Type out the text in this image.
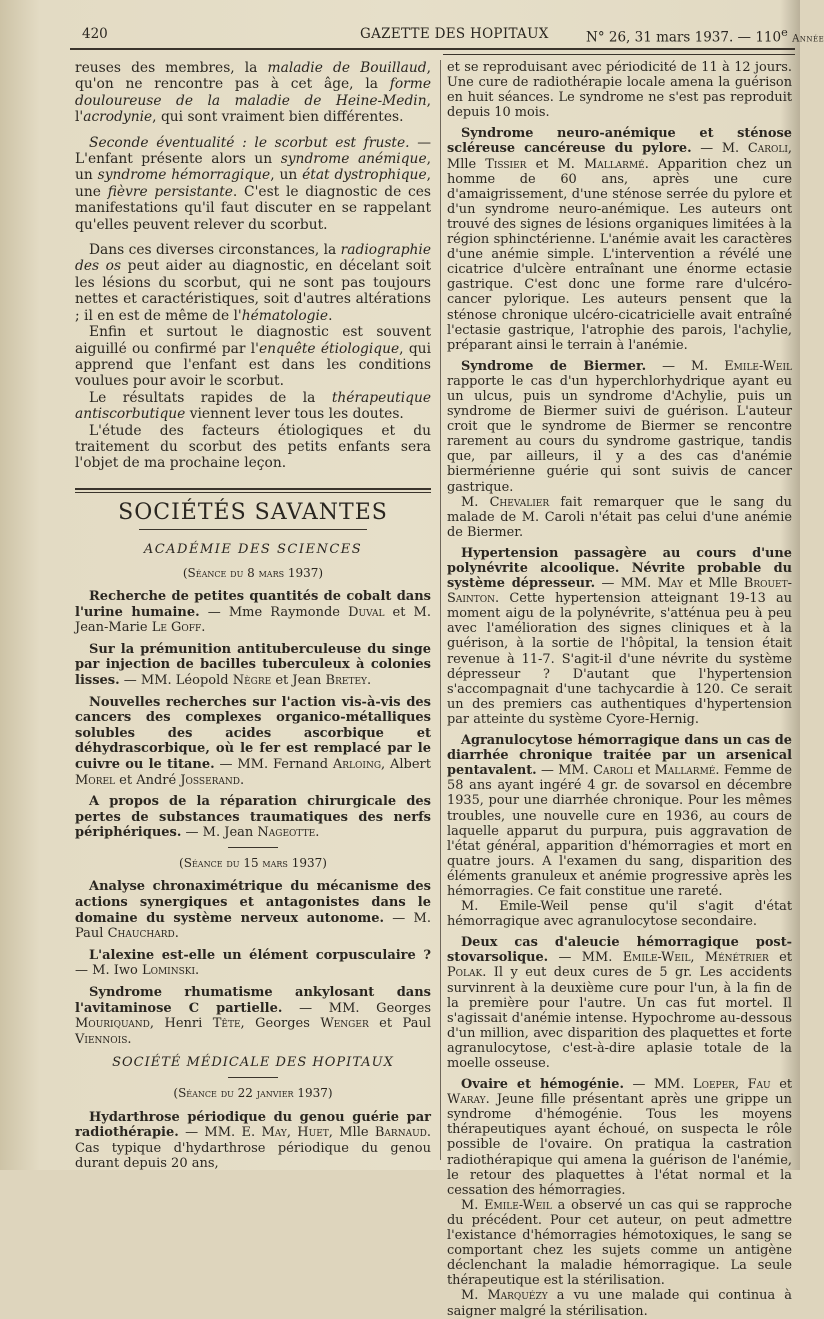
420	GAZETTE DES HOPITAUX	N° 26, 31 mars 1937. — 110e Année

reuses des membres, la maladie de Bouillaud, qu'on ne rencontre pas à cet âge, la forme douloureuse de la maladie de Heine-Medin, l'acrodynie, qui sont vraiment bien différentes.

Seconde éventualité : le scorbut est fruste. — L'enfant présente alors un syndrome anémique, un syndrome hémorragique, un état dystrophique, une fièvre persistante. C'est le diagnostic de ces manifestations qu'il faut discuter en se rappelant qu'elles peuvent relever du scorbut.

Dans ces diverses circonstances, la radiographie des os peut aider au diagnostic, en décelant soit les lésions du scorbut, qui ne sont pas toujours nettes et caractéristiques, soit d'autres altérations ; il en est de même de l'hématologie.

Enfin et surtout le diagnostic est souvent aiguillé ou confirmé par l'enquête étiologique, qui apprend que l'enfant est dans les conditions voulues pour avoir le scorbut.

Le résultats rapides de la thérapeutique antiscorbutique viennent lever tous les doutes.

L'étude des facteurs étiologiques et du traitement du scorbut des petits enfants sera l'objet de ma prochaine leçon.

SOCIÉTÉS SAVANTES
ACADÉMIE DES SCIENCES
(Séance du 8 mars 1937)

Recherche de petites quantités de cobalt dans l'urine humaine. — Mme Raymonde Duval et M. Jean-Marie Le Goff.

Sur la prémunition antituberculeuse du singe par injection de bacilles tuberculeux à colonies lisses. — MM. Léopold Nègre et Jean Bretey.

Nouvelles recherches sur l'action vis-à-vis des cancers des complexes organico-métalliques solubles des acides ascorbique et déhydrascorbique, où le fer est remplacé par le cuivre ou le titane. — MM. Fernand Arloing, Albert Morel et André Josserand.

A propos de la réparation chirurgicale des pertes de substances traumatiques des nerfs périphériques. — M. Jean Nageotte.

(Séance du 15 mars 1937)

Analyse chronaximétrique du mécanisme des actions synergiques et antagonistes dans le domaine du système nerveux autonome. — M. Paul Chauchard.

L'alexine est-elle un élément corpusculaire ? — M. Iwo Lominski.

Syndrome rhumatisme ankylosant dans l'avitaminose C partielle. — MM. Georges Mouriquand, Henri Tête, Georges Wenger et Paul Viennois.

SOCIÉTÉ MÉDICALE DES HOPITAUX
(Séance du 22 janvier 1937)

Hydarthrose périodique du genou guérie par radiothérapie. — MM. E. May, Huet, Mlle Barnaud. Cas typique d'hydarthrose périodique du genou durant depuis 20 ans,

et se reproduisant avec périodicité de 11 à 12 jours. Une cure de radiothérapie locale amena la guérison en huit séances. Le syndrome ne s'est pas reproduit depuis 10 mois.

Syndrome neuro-anémique et sténose scléreuse cancéreuse du pylore. — M. Caroli, Mlle Tissier et M. Mallarmé. Apparition chez un homme de 60 ans, après une cure d'amaigrissement, d'une sténose serrée du pylore et d'un syndrome neuro-anémique. Les auteurs ont trouvé des signes de lésions organiques limitées à la région sphinctérienne. L'anémie avait les caractères d'une anémie simple. L'intervention a révélé une cicatrice d'ulcère entraînant une énorme ectasie gastrique. C'est donc une forme rare d'ulcéro-cancer pylorique. Les auteurs pensent que la sténose chronique ulcéro-cicatricielle avait entraîné l'ectasie gastrique, l'atrophie des parois, l'achylie, préparant ainsi le terrain à l'anémie.

Syndrome de Biermer. — M. Emile-Weil rapporte le cas d'un hyperchlorhydrique ayant eu un ulcus, puis un syndrome d'Achylie, puis un syndrome de Biermer suivi de guérison. L'auteur croit que le syndrome de Biermer se rencontre rarement au cours du syndrome gastrique, tandis que, par ailleurs, il y a des cas d'anémie biermérienne guérie qui sont suivis de cancer gastrique.

M. Chevalier fait remarquer que le sang du malade de M. Caroli n'était pas celui d'une anémie de Biermer.

Hypertension passagère au cours d'une polynévrite alcoolique. Névrite probable du système dépresseur. — MM. May et Mlle Brouet-Sainton. Cette hypertension atteignant 19-13 au moment aigu de la polynévrite, s'atténua peu à peu avec l'amélioration des signes cliniques et à la guérison, à la sortie de l'hôpital, la tension était revenue à 11-7. S'agit-il d'une névrite du système dépresseur ? D'autant que l'hypertension s'accompagnait d'une tachycardie à 120. Ce serait un des premiers cas authentiques d'hypertension par atteinte du système Cyore-Hernig.

Agranulocytose hémorragique dans un cas de diarrhée chronique traitée par un arsenical pentavalent. — MM. Caroli et Mallarmé. Femme de 58 ans ayant ingéré 4 gr. de sovarsol en décembre 1935, pour une diarrhée chronique. Pour les mêmes troubles, une nouvelle cure en 1936, au cours de laquelle apparut du purpura, puis aggravation de l'état général, apparition d'hémorragies et mort en quatre jours. A l'examen du sang, disparition des éléments granuleux et anémie progressive après les hémorragies. Ce fait constitue une rareté.

M. Emile-Weil pense qu'il s'agit d'état hémorragique avec agranulocytose secondaire.

Deux cas d'aleucie hémorragique post-stovarsolique. — MM. Emile-Weil, Ménétrier et Polak. Il y eut deux cures de 5 gr. Les accidents survinrent à la deuxième cure pour l'un, à la fin de la première pour l'autre. Un cas fut mortel. Il s'agissait d'anémie intense. Hypochrome au-dessous d'un million, avec disparition des plaquettes et forte agranulocytose, c'est-à-dire aplasie totale de la moelle osseuse.

Ovaire et hémogénie. — MM. Loeper, Fau et Waray. Jeune fille présentant après une grippe un syndrome d'hémogénie. Tous les moyens thérapeutiques ayant échoué, on suspecta le rôle possible de l'ovaire. On pratiqua la castration radiothérapique qui amena la guérison de l'anémie, le retour des plaquettes à l'état normal et la cessation des hémorragies.

M. Emile-Weil a observé un cas qui se rapproche du précédent. Pour cet auteur, on peut admettre l'existance d'hémorragies hémotoxiques, le sang se comportant chez les sujets comme un antigène déclenchant la maladie hémorragique. La seule thérapeutique est la stérilisation.

M. Marquézy a vu une malade qui continua à saigner malgré la stérilisation.
